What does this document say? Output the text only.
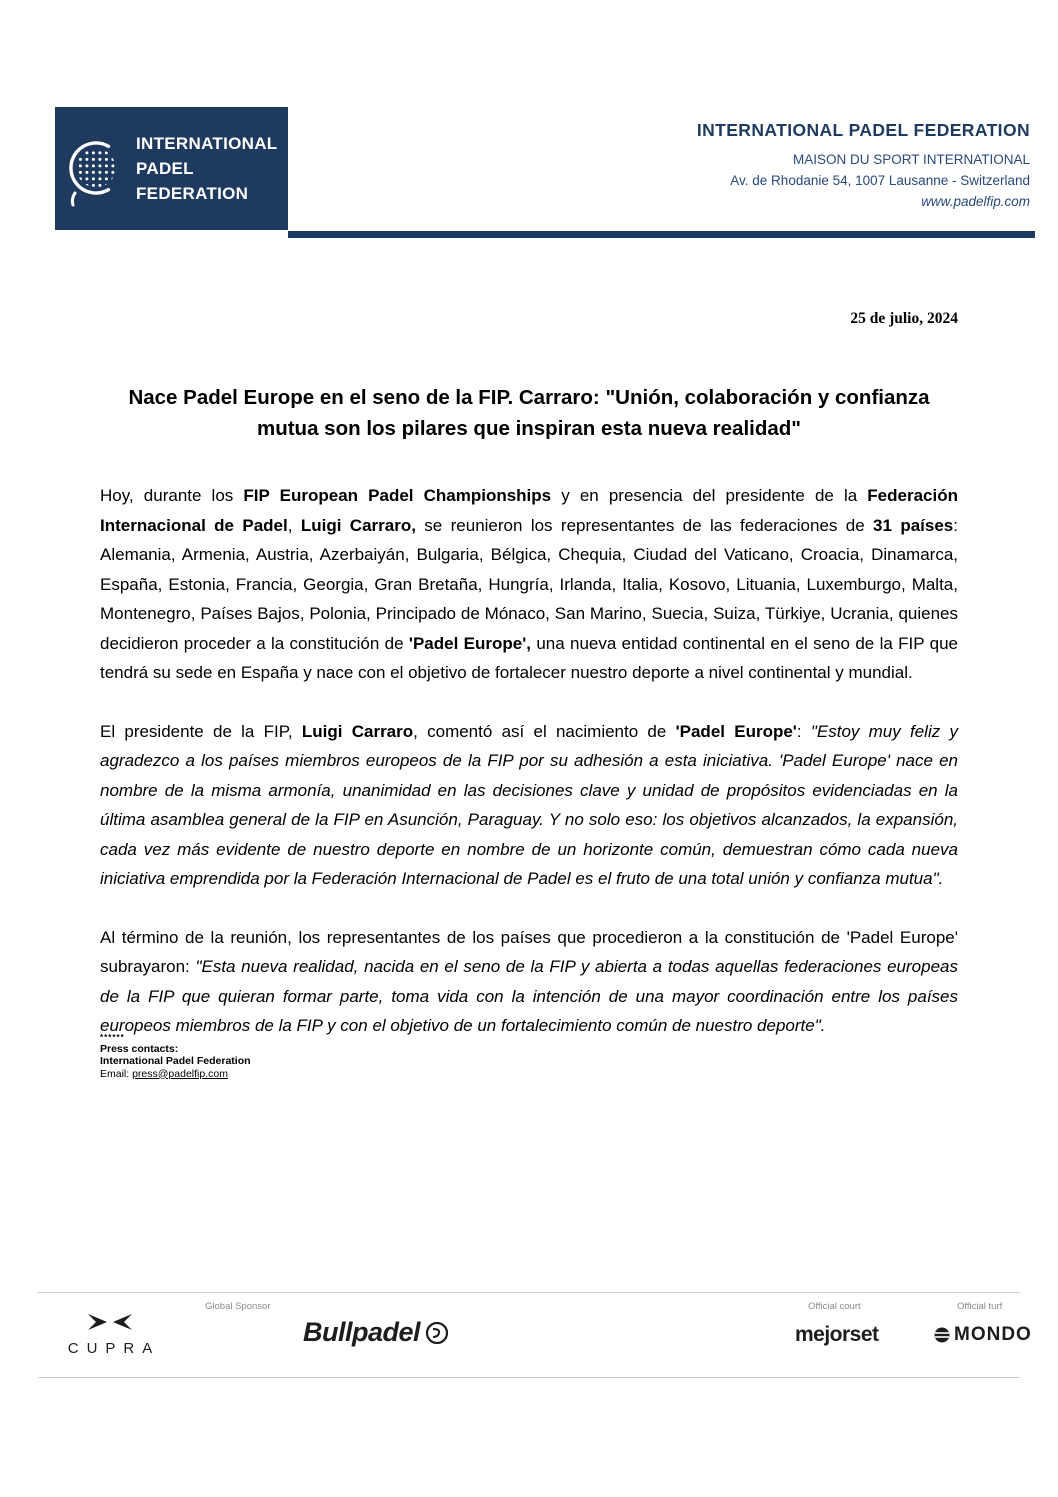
INTERNATIONAL
PADEL
FEDERATION
INTERNATIONAL PADEL FEDERATION
MAISON DU SPORT INTERNATIONAL
Av. de Rhodanie 54, 1007 Lausanne - Switzerland
www.padelfip.com
25 de julio, 2024
Nace Padel Europe en el seno de la FIP. Carraro: "Unión, colaboración y confianza mutua son los pilares que inspiran esta nueva realidad"

Hoy, durante los FIP European Padel Championships y en presencia del presidente de la Federación Internacional de Padel, Luigi Carraro, se reunieron los representantes de las federaciones de 31 países: Alemania, Armenia, Austria, Azerbaiyán, Bulgaria, Bélgica, Chequia, Ciudad del Vaticano, Croacia, Dinamarca, España, Estonia, Francia, Georgia, Gran Bretaña, Hungría, Irlanda, Italia, Kosovo, Lituania, Luxemburgo, Malta, Montenegro, Países Bajos, Polonia, Principado de Mónaco, San Marino, Suecia, Suiza, Türkiye, Ucrania, quienes decidieron proceder a la constitución de 'Padel Europe', una nueva entidad continental en el seno de la FIP que tendrá su sede en España y nace con el objetivo de fortalecer nuestro deporte a nivel continental y mundial.

El presidente de la FIP, Luigi Carraro, comentó así el nacimiento de 'Padel Europe': "Estoy muy feliz y agradezco a los países miembros europeos de la FIP por su adhesión a esta iniciativa. 'Padel Europe' nace en nombre de la misma armonía, unanimidad en las decisiones clave y unidad de propósitos evidenciadas en la última asamblea general de la FIP en Asunción, Paraguay. Y no solo eso: los objetivos alcanzados, la expansión, cada vez más evidente de nuestro deporte en nombre de un horizonte común, demuestran cómo cada nueva iniciativa emprendida por la Federación Internacional de Padel es el fruto de una total unión y confianza mutua".

Al término de la reunión, los representantes de los países que procedieron a la constitución de 'Padel Europe' subrayaron: "Esta nueva realidad, nacida en el seno de la FIP y abierta a todas aquellas federaciones europeas de la FIP que quieran formar parte, toma vida con la intención de una mayor coordinación entre los países europeos miembros de la FIP y con el objetivo de un fortalecimiento común de nuestro deporte".

******
Press contacts:
International Padel Federation
Email: press@padelfip.com
Global Sponsor	Official court	Official turf
CUPRA
Bullpadel	mejorset	MONDO
